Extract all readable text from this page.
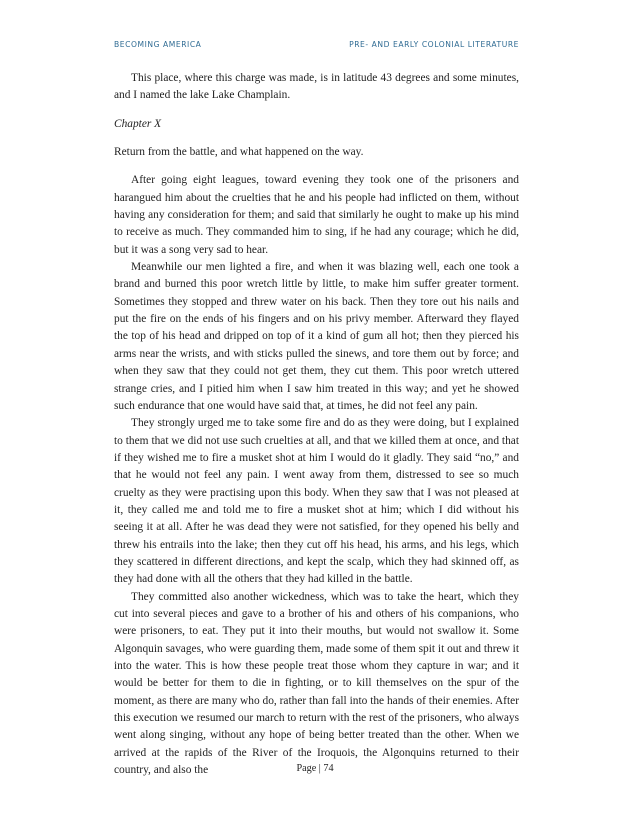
BECOMING AMERICA	PRE- AND EARLY COLONIAL LITERATURE

This place, where this charge was made, is in latitude 43 degrees and some minutes, and I named the lake Lake Champlain.

Chapter X

Return from the battle, and what happened on the way.

After going eight leagues, toward evening they took one of the prisoners and harangued him about the cruelties that he and his people had inflicted on them, without having any consideration for them; and said that similarly he ought to make up his mind to receive as much. They commanded him to sing, if he had any courage; which he did, but it was a song very sad to hear.

Meanwhile our men lighted a fire, and when it was blazing well, each one took a brand and burned this poor wretch little by little, to make him suffer greater torment. Sometimes they stopped and threw water on his back. Then they tore out his nails and put the fire on the ends of his fingers and on his privy member. Afterward they flayed the top of his head and dripped on top of it a kind of gum all hot; then they pierced his arms near the wrists, and with sticks pulled the sinews, and tore them out by force; and when they saw that they could not get them, they cut them. This poor wretch uttered strange cries, and I pitied him when I saw him treated in this way; and yet he showed such endurance that one would have said that, at times, he did not feel any pain.

They strongly urged me to take some fire and do as they were doing, but I explained to them that we did not use such cruelties at all, and that we killed them at once, and that if they wished me to fire a musket shot at him I would do it gladly. They said “no,” and that he would not feel any pain. I went away from them, distressed to see so much cruelty as they were practising upon this body. When they saw that I was not pleased at it, they called me and told me to fire a musket shot at him; which I did without his seeing it at all. After he was dead they were not satisfied, for they opened his belly and threw his entrails into the lake; then they cut off his head, his arms, and his legs, which they scattered in different directions, and kept the scalp, which they had skinned off, as they had done with all the others that they had killed in the battle.

They committed also another wickedness, which was to take the heart, which they cut into several pieces and gave to a brother of his and others of his companions, who were prisoners, to eat. They put it into their mouths, but would not swallow it. Some Algonquin savages, who were guarding them, made some of them spit it out and threw it into the water. This is how these people treat those whom they capture in war; and it would be better for them to die in fighting, or to kill themselves on the spur of the moment, as there are many who do, rather than fall into the hands of their enemies. After this execution we resumed our march to return with the rest of the prisoners, who always went along singing, without any hope of being better treated than the other. When we arrived at the rapids of the River of the Iroquois, the Algonquins returned to their country, and also the	Page | 74
